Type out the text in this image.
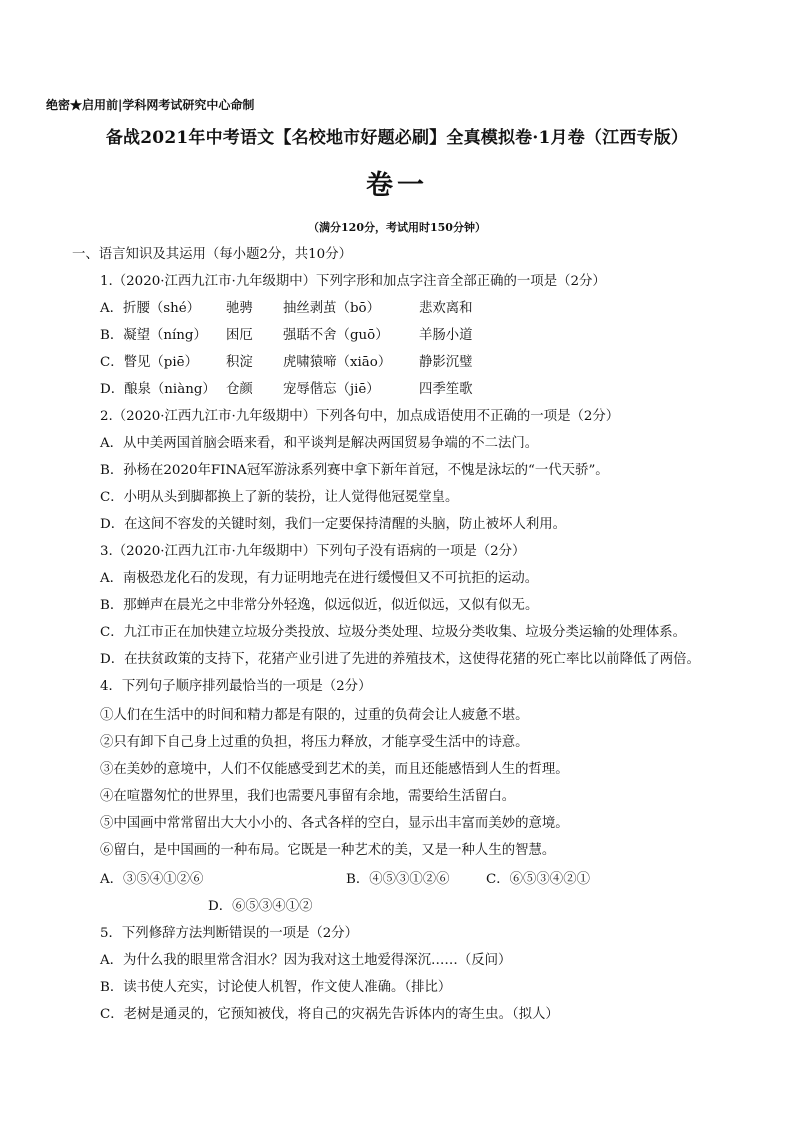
绝密★启用前|学科网考试研究中心命制
备战2021年中考语文【名校地市好题必刷】全真模拟卷·1月卷（江西专版）
卷一
（满分120分，考试用时150分钟）
一、语言知识及其运用（每小题2分，共10分）
1.（2020·江西九江市·九年级期中）下列字形和加点字注音全部正确的一项是（2分）
A．折腰（shé） 驰骋 抽丝剥茧（bō）	悲欢离和
B．凝望（níng） 困厄 强聒不舍（guō） 羊肠小道
C．瞥见（piē） 积淀 虎啸猿啼（xiāo） 静影沉璧
D．酿泉（niàng） 仓颜 宠辱偕忘（jiē）	四季笙歌
2.（2020·江西九江市·九年级期中）下列各句中，加点成语使用不正确的一项是（2分）
A．从中美两国首脑会晤来看，和平谈判是解决两国贸易争端的不二法门。
B．孙杨在2020年FINA冠军游泳系列赛中拿下新年首冠，不愧是泳坛的“一代天骄”。
C．小明从头到脚都换上了新的装扮，让人觉得他冠冕堂皇。
D．在这间不容发的关键时刻，我们一定要保持清醒的头脑，防止被坏人利用。
3.（2020·江西九江市·九年级期中）下列句子没有语病的一项是（2分）
A．南极恐龙化石的发现，有力证明地壳在进行缓慢但又不可抗拒的运动。
B．那蝉声在晨光之中非常分外轻逸，似远似近，似近似远，又似有似无。
C．九江市正在加快建立垃圾分类投放、垃圾分类处理、垃圾分类收集、垃圾分类运输的处理体系。
D．在扶贫政策的支持下，花猪产业引进了先进的养殖技术，这使得花猪的死亡率比以前降低了两倍。
4．下列句子顺序排列最恰当的一项是（2分）
①人们在生活中的时间和精力都是有限的，过重的负荷会让人疲惫不堪。
②只有卸下自己身上过重的负担，将压力释放，才能享受生活中的诗意。
③在美妙的意境中，人们不仅能感受到艺术的美，而且还能感悟到人生的哲理。
④在喧嚣匆忙的世界里，我们也需要凡事留有余地，需要给生活留白。
⑤中国画中常常留出大大小小的、各式各样的空白，显示出丰富而美妙的意境。
⑥留白，是中国画的一种布局。它既是一种艺术的美，又是一种人生的智慧。
A．③⑤④①②⑥	B．④⑤③①②⑥	C．⑥⑤③④②①
D．⑥⑤③④①②
5．下列修辞方法判断错误的一项是（2分）
A．为什么我的眼里常含泪水？因为我对这土地爱得深沉……（反问）
B．读书使人充实，讨论使人机智，作文使人准确。（排比）
C．老树是通灵的，它预知被伐，将自己的灾祸先告诉体内的寄生虫。（拟人）
